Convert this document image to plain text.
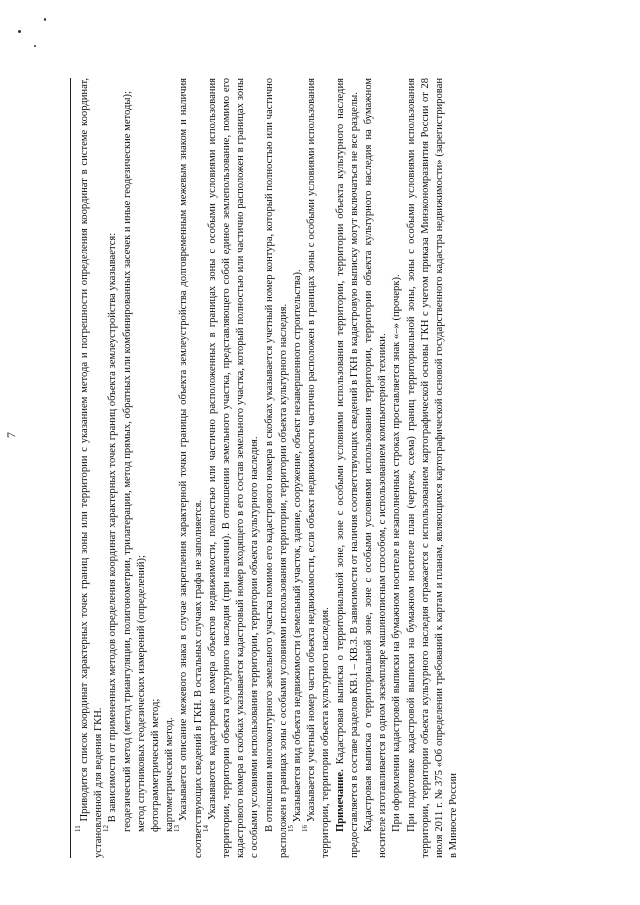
$^{11}$ Приводится список координат характерных точек границ зоны или территории с указанием метода и погрешности определения координат в системе координат, установленной для ведения ГКН.

$^{12}$ В зависимости от примененных методов определения координат характерных точек границ объекта землеустройства указывается: геодезический метод (метод триангуляции, полигонометрии, трилатерации, метод прямых, обратных или комбинированных засечек и иные геодезические методы); метод спутниковых геодезических измерений (определений); фотограмметрический метод; картометрический метод.

$^{13}$ Указывается описание межевого знака в случае закрепления характерной точки границы объекта землеустройства долговременным межевым знаком и наличия соответствующих сведений в ГКН. В остальных случаях графа не заполняется.

$^{14}$ Указываются кадастровые номера объектов недвижимости, полностью или частично расположенных в границах зоны с особыми условиями использования территории, территории объекта культурного наследия (при наличии). В отношении земельного участка, представляющего собой единое землепользование, помимо его кадастрового номера в скобках указывается кадастровый номер входящего в его состав земельного участка, который полностью или частично расположен в границах зоны с особыми условиями использования территории, территории объекта культурного наследия. В отношении многоконтурного земельного участка помимо его кадастрового номера в скобках указывается учетный номер контура, который полностью или частично расположен в границах зоны с особыми условиями использования территории, территории объекта культурного наследия.

$^{15}$ Указывается вид объекта недвижимости (земельный участок, здание, сооружение, объект незавершенного строительства).

$^{16}$ Указывается учетный номер части объекта недвижимости, если объект недвижимости частично расположен в границах зоны с особыми условиями использования территории, территории объекта культурного наследия. Примечание. Кадастровая выписка о территориальной зоне, зоне с особыми условиями использования территории, территории объекта культурного наследия предоставляется в составе разделов КВ.1 – КВ.3. В зависимости от наличия соответствующих сведений в ГКН в кадастровую выписку могут включаться не все разделы. Кадастровая выписка о территориальной зоне, зоне с особыми условиями использования территории, территории объекта культурного наследия на бумажном носителе изготавливается в одном экземпляре машинописным способом, с использованием компьютерной техники. При оформлении кадастровой выписки на бумажном носителе в незаполненных строках проставляется знак «–» (прочерк). При подготовке кадастровой выписки на бумажном носителе план (чертеж, схема) границ территориальной зоны, зоны с особыми условиями использования территории, территории объекта культурного наследия отражается с использованием картографической основы ГКН с учетом приказа Минэкономразвития России от 28 июля 2011 г. № 375 «Об определении требований к картам и планам, являющимся картографической основой государственного кадастра недвижимости» (зарегистрирован в Минюсте России

7
